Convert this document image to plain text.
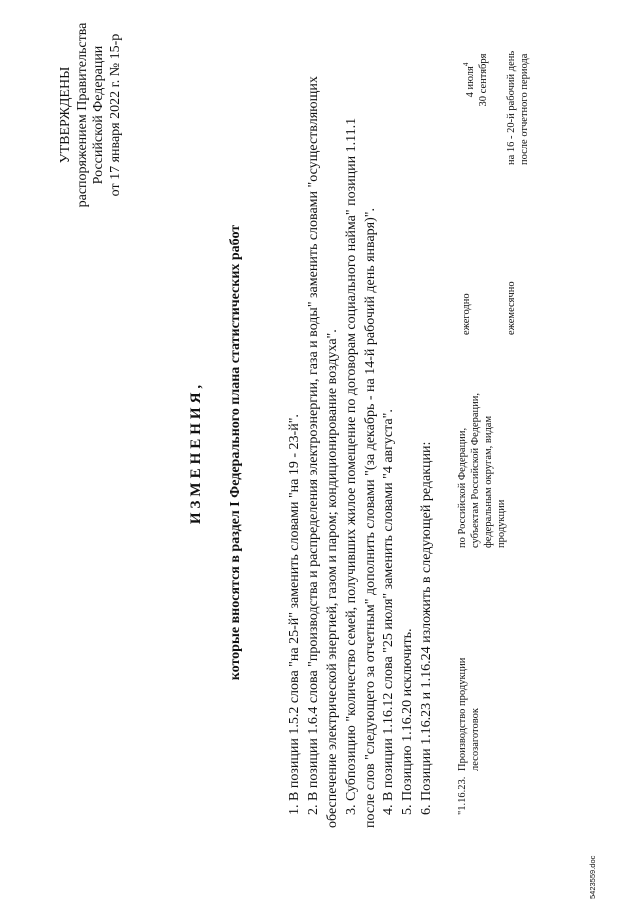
УТВЕРЖДЕНЫ распоряжением Правительства Российской Федерации от 17 января 2022 г. № 15-р
ИЗМЕНЕНИЯ, которые вносятся в раздел I Федерального плана статистических работ	1. В позиции 1.5.2 слова "на 25-й" заменить словами "на 19 - 23-й". 2. В позиции 1.6.4 слова "производства и распределения электроэнергии, газа и воды" заменить словами "осуществляющих обеспечение электрической энергией, газом и паром; кондиционирование воздуха". 3. Субпозицию "количество семей, получивших жилое помещение по договорам социального найма" позиции 1.11.1 после слов "следующего за отчетным" дополнить словами "(за декабрь - на 14-й рабочий день января)". 4. В позиции 1.16.12 слова "25 июля" заменить словами "4 августа". 5. Позицию 1.16.20 исключить. 6. Позиции 1.16.23 и 1.16.24 изложить в следующей редакции: "1.16.23.
Производство продукции лесозаготовок
по Российской Федерации, субъектам Российской Федерации, федеральным округам, видам продукции
ежегодно	ежемесячно
4 июля$^4$ 30 сентября на 16 - 20-й рабочий день после отчетного периода
5423559.doc
